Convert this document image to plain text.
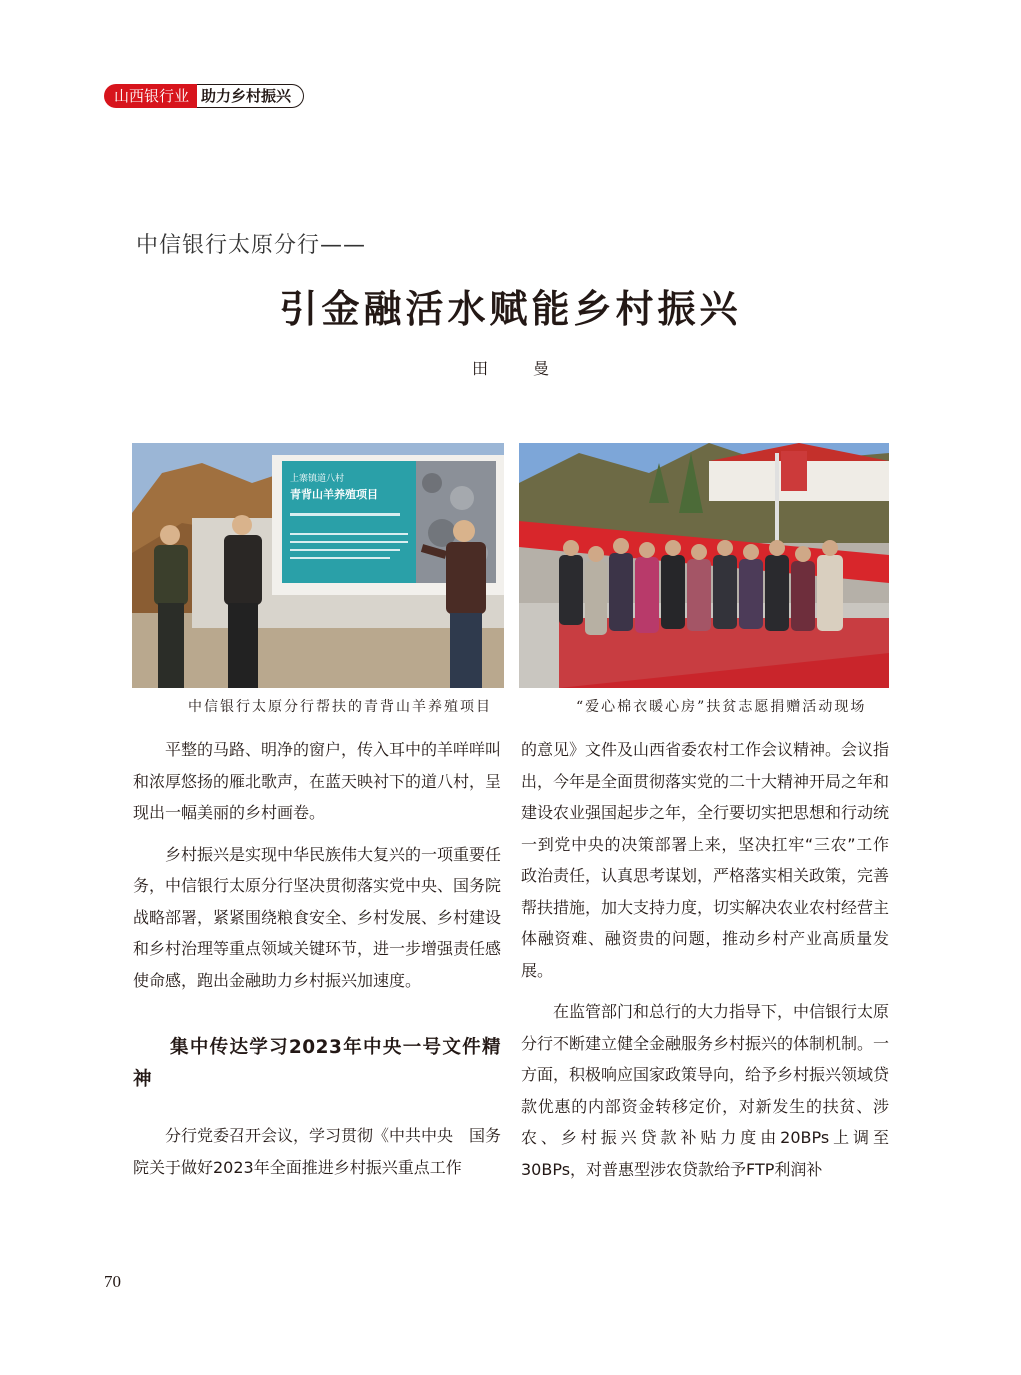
山西银行业 助力乡村振兴
中信银行太原分行——
引金融活水赋能乡村振兴
田 曼
上寨镇道八村
青背山羊养殖项目
中信银行太原分行帮扶的青背山羊养殖项目	“爱心棉衣暖心房”扶贫志愿捐赠活动现场

平整的马路、明净的窗户，传入耳中的羊咩咩叫和浓厚悠扬的雁北歌声，在蓝天映衬下的道八村，呈现出一幅美丽的乡村画卷。

乡村振兴是实现中华民族伟大复兴的一项重要任务，中信银行太原分行坚决贯彻落实党中央、国务院战略部署，紧紧围绕粮食安全、乡村发展、乡村建设和乡村治理等重点领域关键环节，进一步增强责任感使命感，跑出金融助力乡村振兴加速度。

集中传达学习2023年中央一号文件精神

分行党委召开会议，学习贯彻《中共中央　国务院关于做好2023年全面推进乡村振兴重点工作

的意见》文件及山西省委农村工作会议精神。会议指出，今年是全面贯彻落实党的二十大精神开局之年和建设农业强国起步之年，全行要切实把思想和行动统一到党中央的决策部署上来，坚决扛牢“三农”工作政治责任，认真思考谋划，严格落实相关政策，完善帮扶措施，加大支持力度，切实解决农业农村经营主体融资难、融资贵的问题，推动乡村产业高质量发展。

在监管部门和总行的大力指导下，中信银行太原分行不断建立健全金融服务乡村振兴的体制机制。一方面，积极响应国家政策导向，给予乡村振兴领域贷款优惠的内部资金转移定价，对新发生的扶贫、涉农、乡村振兴贷款补贴力度由20BPs上调至30BPs，对普惠型涉农贷款给予FTP利润补

70
